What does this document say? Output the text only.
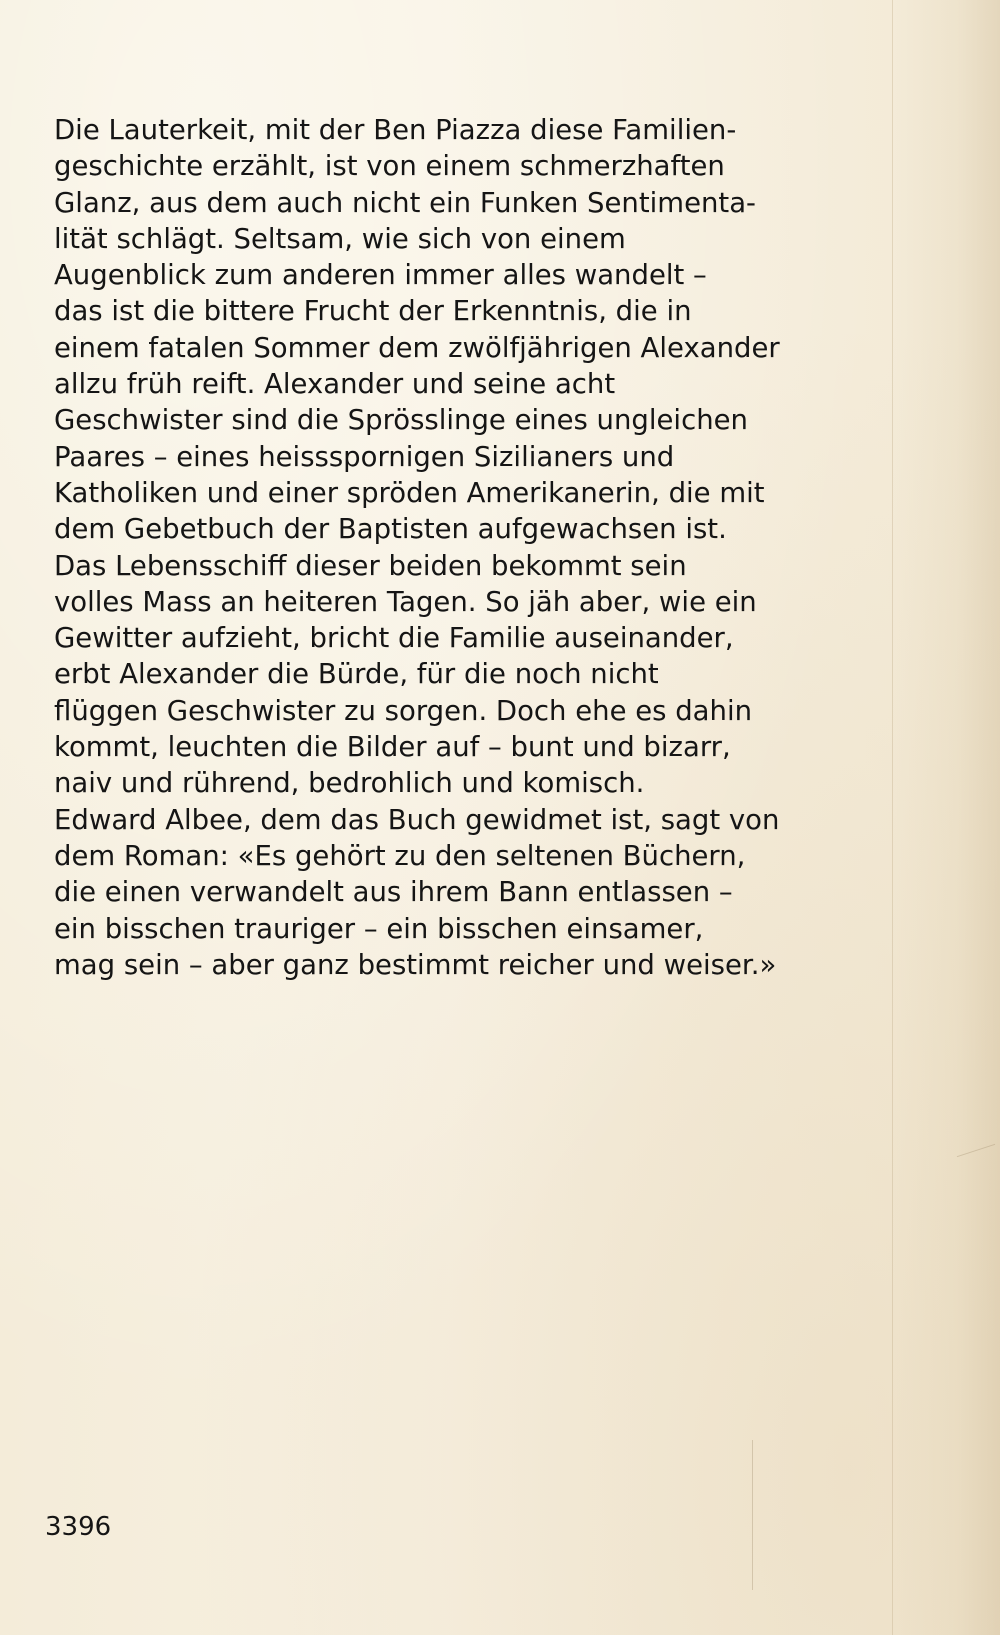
Die Lauterkeit, mit der Ben Piazza diese Familien-
geschichte erzählt, ist von einem schmerzhaften
Glanz, aus dem auch nicht ein Funken Sentimenta-
lität schlägt. Seltsam, wie sich von einem
Augenblick zum anderen immer alles wandelt –
das ist die bittere Frucht der Erkenntnis, die in
einem fatalen Sommer dem zwölfjährigen Alexander
allzu früh reift. Alexander und seine acht
Geschwister sind die Sprösslinge eines ungleichen
Paares – eines heissspornigen Sizilianers und
Katholiken und einer spröden Amerikanerin, die mit
dem Gebetbuch der Baptisten aufgewachsen ist.
Das Lebensschiff dieser beiden bekommt sein
volles Mass an heiteren Tagen. So jäh aber, wie ein
Gewitter aufzieht, bricht die Familie auseinander,
erbt Alexander die Bürde, für die noch nicht
flüggen Geschwister zu sorgen. Doch ehe es dahin
kommt, leuchten die Bilder auf – bunt und bizarr,
naiv und rührend, bedrohlich und komisch.
Edward Albee, dem das Buch gewidmet ist, sagt von
dem Roman: «Es gehört zu den seltenen Büchern,
die einen verwandelt aus ihrem Bann entlassen –
ein bisschen trauriger – ein bisschen einsamer,
mag sein – aber ganz bestimmt reicher und weiser.»

3396
